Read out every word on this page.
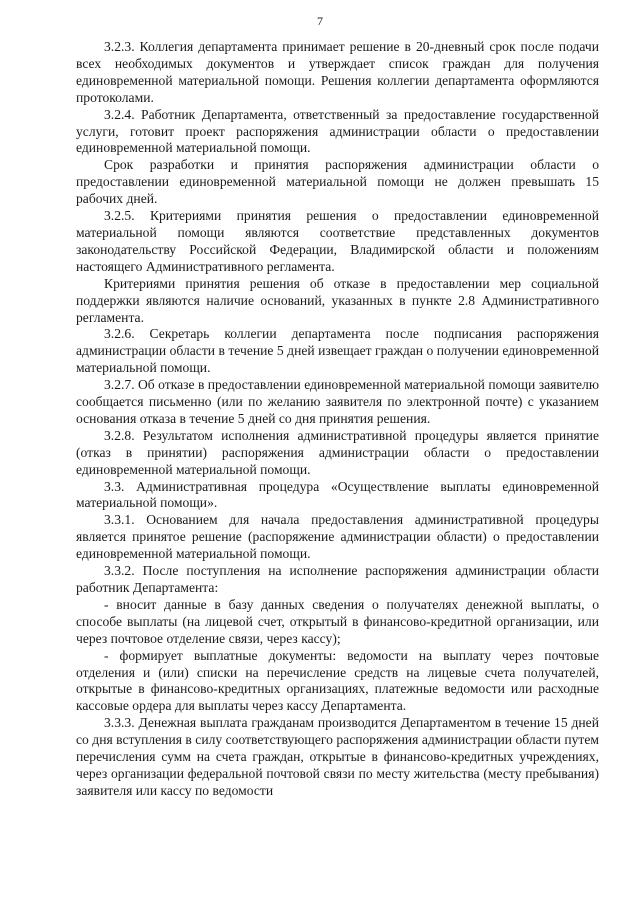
7

3.2.3. Коллегия департамента принимает решение в 20-дневный срок после подачи всех необходимых документов и утверждает список граждан для получения единовременной материальной помощи. Решения коллегии департамента оформляются протоколами.

3.2.4. Работник Департамента, ответственный за предоставление государственной услуги, готовит проект распоряжения администрации области о предоставлении единовременной материальной помощи.

Срок разработки и принятия распоряжения администрации области о предоставлении единовременной материальной помощи не должен превышать 15 рабочих дней.

3.2.5. Критериями принятия решения о предоставлении единовременной материальной помощи являются соответствие представленных документов законодательству Российской Федерации, Владимирской области и положениям настоящего Административного регламента.

Критериями принятия решения об отказе в предоставлении мер социальной поддержки являются наличие оснований, указанных в пункте 2.8 Административного регламента.

3.2.6. Секретарь коллегии департамента после подписания распоряжения администрации области в течение 5 дней извещает граждан о получении единовременной материальной помощи.

3.2.7. Об отказе в предоставлении единовременной материальной помощи заявителю сообщается письменно (или по желанию заявителя по электронной почте) с указанием основания отказа в течение 5 дней со дня принятия решения.

3.2.8. Результатом исполнения административной процедуры является принятие (отказ в принятии) распоряжения администрации области о предоставлении единовременной материальной помощи.

3.3. Административная процедура «Осуществление выплаты единовременной материальной помощи».

3.3.1. Основанием для начала предоставления административной процедуры является принятое решение (распоряжение администрации области) о предоставлении единовременной материальной помощи.

3.3.2. После поступления на исполнение распоряжения администрации области работник Департамента:

- вносит данные в базу данных сведения о получателях денежной выплаты, о способе выплаты (на лицевой счет, открытый в финансово-кредитной организации, или через почтовое отделение связи, через кассу);

- формирует выплатные документы: ведомости на выплату через почтовые отделения и (или) списки на перечисление средств на лицевые счета получателей, открытые в финансово-кредитных организациях, платежные ведомости или расходные кассовые ордера для выплаты через кассу Департамента.

3.3.3. Денежная выплата гражданам производится Департаментом в течение 15 дней со дня вступления в силу соответствующего распоряжения администрации области путем перечисления сумм на счета граждан, открытые в финансово-кредитных учреждениях, через организации федеральной почтовой связи по месту жительства (месту пребывания) заявителя или кассу по ведомости
